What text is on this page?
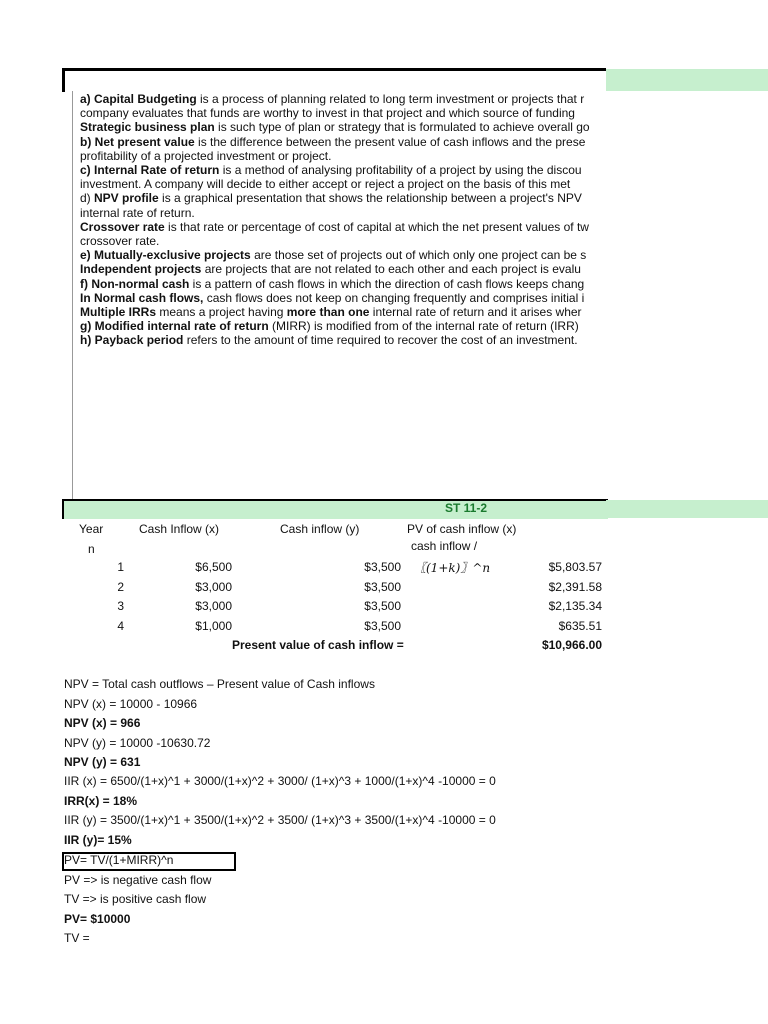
a) Capital Budgeting is a process of planning related to long term investment or projects that r
company evaluates that funds are worthy to invest in that project and which source of funding
Strategic business plan is such type of plan or strategy that is formulated to achieve overall go
b) Net present value is the difference between the present value of cash inflows and the prese
profitability of a projected investment or project.
c) Internal Rate of return is a method of analysing profitability of a project by using the discou
investment. A company will decide to either accept or reject a project on the basis of this met
d) NPV profile is a graphical presentation that shows the relationship between a project's NPV
internal rate of return.
Crossover rate is that rate or percentage of cost of capital at which the net present values of tw
crossover rate.
e) Mutually-exclusive projects are those set of projects out of which only one project can be s
Independent projects are projects that are not related to each other and each project is evalu
f) Non-normal cash is a pattern of cash flows in which the direction of cash flows keeps chang
In Normal cash flows, cash flows does not keep on changing frequently and comprises initial i
Multiple IRRs means a project having more than one internal rate of return and it arises wher
g) Modified internal rate of return (MIRR) is modified from of the internal rate of return (IRR)
h) Payback period refers to the amount of time required to recover the cost of an investment.
ST 11-2
Year
n
Cash Inflow (x)	Cash inflow (y)	PV of cash inflow (x)
cash inflow /
〖(1+k)〗^n
1	$6,500	$3,500	$5,803.57
2	$3,000	$3,500	$2,391.58
3	$3,000	$3,500	$2,135.34
4	$1,000	$3,500	$635.51
Present value of cash inflow =	$10,966.00
NPV = Total cash outflows – Present value of Cash inflows
NPV (x) = 10000 - 10966
NPV (x) = 966
NPV (y) = 10000 -10630.72
NPV (y) = 631
IIR (x) = 6500/(1+x)^1 + 3000/(1+x)^2 + 3000/ (1+x)^3 + 1000/(1+x)^4 -10000 = 0
IRR(x) = 18%
IIR (y) = 3500/(1+x)^1 + 3500/(1+x)^2 + 3500/ (1+x)^3 + 3500/(1+x)^4 -10000 = 0
IIR (y)= 15%
PV= TV/(1+MIRR)^n
PV => is negative cash flow
TV => is positive cash flow
PV= $10000
TV =
